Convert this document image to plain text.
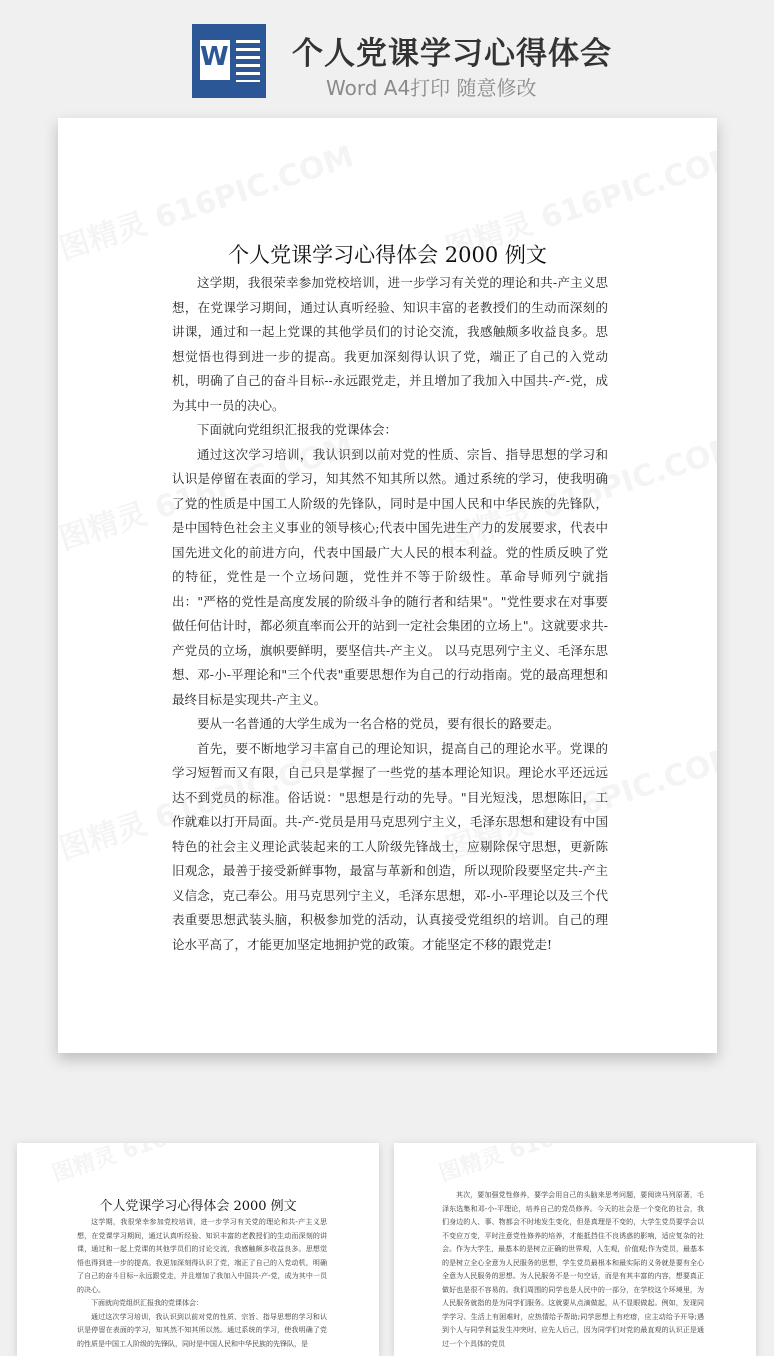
W 个人党课学习心得体会
Word A4打印 随意修改
个人党课学习心得体会 2000 例文

这学期，我很荣幸参加党校培训，进一步学习有关党的理论和共-产主义思想，在党课学习期间，通过认真听经验、知识丰富的老教授们的生动而深刻的讲课，通过和一起上党课的其他学员们的讨论交流，我感触颇多收益良多。思想觉悟也得到进一步的提高。我更加深刻得认识了党，端正了自己的入党动机，明确了自己的奋斗目标--永远跟党走，并且增加了我加入中国共-产-党，成为其中一员的决心。

下面就向党组织汇报我的党课体会：

通过这次学习培训，我认识到以前对党的性质、宗旨、指导思想的学习和认识是停留在表面的学习，知其然不知其所以然。通过系统的学习，使我明确了党的性质是中国工人阶级的先锋队，同时是中国人民和中华民族的先锋队，是中国特色社会主义事业的领导核心;代表中国先进生产力的发展要求，代表中国先进文化的前进方向，代表中国最广大人民的根本利益。党的性质反映了党的特征，党性是一个立场问题，党性并不等于阶级性。革命导师列宁就指出："严格的党性是高度发展的阶级斗争的随行者和结果"。"党性要求在对事要做任何估计时，都必须直率而公开的站到一定社会集团的立场上"。这就要求共-产党员的立场，旗帜要鲜明，要坚信共-产主义。 以马克思列宁主义、毛泽东思想、邓-小-平理论和"三个代表"重要思想作为自己的行动指南。党的最高理想和最终目标是实现共-产主义。

要从一名普通的大学生成为一名合格的党员，要有很长的路要走。

首先，要不断地学习丰富自己的理论知识，提高自己的理论水平。党课的学习短暂而又有限，自己只是掌握了一些党的基本理论知识。理论水平还远远达不到党员的标准。俗话说："思想是行动的先导。"目光短浅，思想陈旧，工作就难以打开局面。共-产-党员是用马克思列宁主义，毛泽东思想和建设有中国特色的社会主义理论武装起来的工人阶级先锋战士，应剔除保守思想，更新陈旧观念，最善于接受新鲜事物，最富与革新和创造，所以现阶段要坚定共-产主义信念，克己奉公。用马克思列宁主义，毛泽东思想，邓-小-平理论以及三个代表重要思想武装头脑，积极参加党的活动，认真接受党组织的培训。自己的理论水平高了，才能更加坚定地拥护党的政策。才能坚定不移的跟党走!

个人党课学习心得体会 2000 例文

这学期，我很荣幸参加党校培训，进一步学习有关党的理论和共-产主义思想，在党课学习期间，通过认真听经验、知识丰富的老教授们的生动而深刻的讲课，通过和一起上党课的其他学员们的讨论交流，我感触颇多收益良多。思想觉悟也得到进一步的提高。我更加深刻得认识了党，端正了自己的入党动机，明确了自己的奋斗目标--永远跟党走，并且增加了我加入中国共-产-党，成为其中一员的决心。

下面就向党组织汇报我的党课体会：

通过这次学习培训，我认识到以前对党的性质、宗旨、指导思想的学习和认识是停留在表面的学习，知其然不知其所以然。通过系统的学习，使我明确了党的性质是中国工人阶级的先锋队，同时是中国人民和中华民族的先锋队，是

其次，要加强党性修养，要学会用自己的头脑来思考问题，要阅读马列原著，毛泽东选集和邓-小-平理论，培养自己的党员修养。今天的社会是一个变化的社会，我们身边的人、事、物都会不时地发生变化，但是真理是不变的，大学生党员要学会以不变应万变，平时注意党性修养的培养，才能抵挡住不良诱惑的影响，适应复杂的社会。作为大学生，最基本的是树立正确的世界观，人生观，价值观;作为党员，最基本的是树立全心全意为人民服务的思想，学生党员最根本和最实际的义务就是要有全心全意为人民服务的思想。为人民服务不是一句空话，而是有其丰富的内容，想要真正做好也是很不容易的。我们周围的同学也是人民中的一部分，在学校这个环境里，为人民服务就指的是为同学们服务。这就要从点滴做起，从不显眼做起。例如，发现同学学习、生活上有困难时，应热情给予帮助;同学思想上有疙瘩，应主动给予开导;遇到个人与同学利益发生冲突时，应先人后己，因为同学们对党的最直观的认识正是通过一个个具体的党员
